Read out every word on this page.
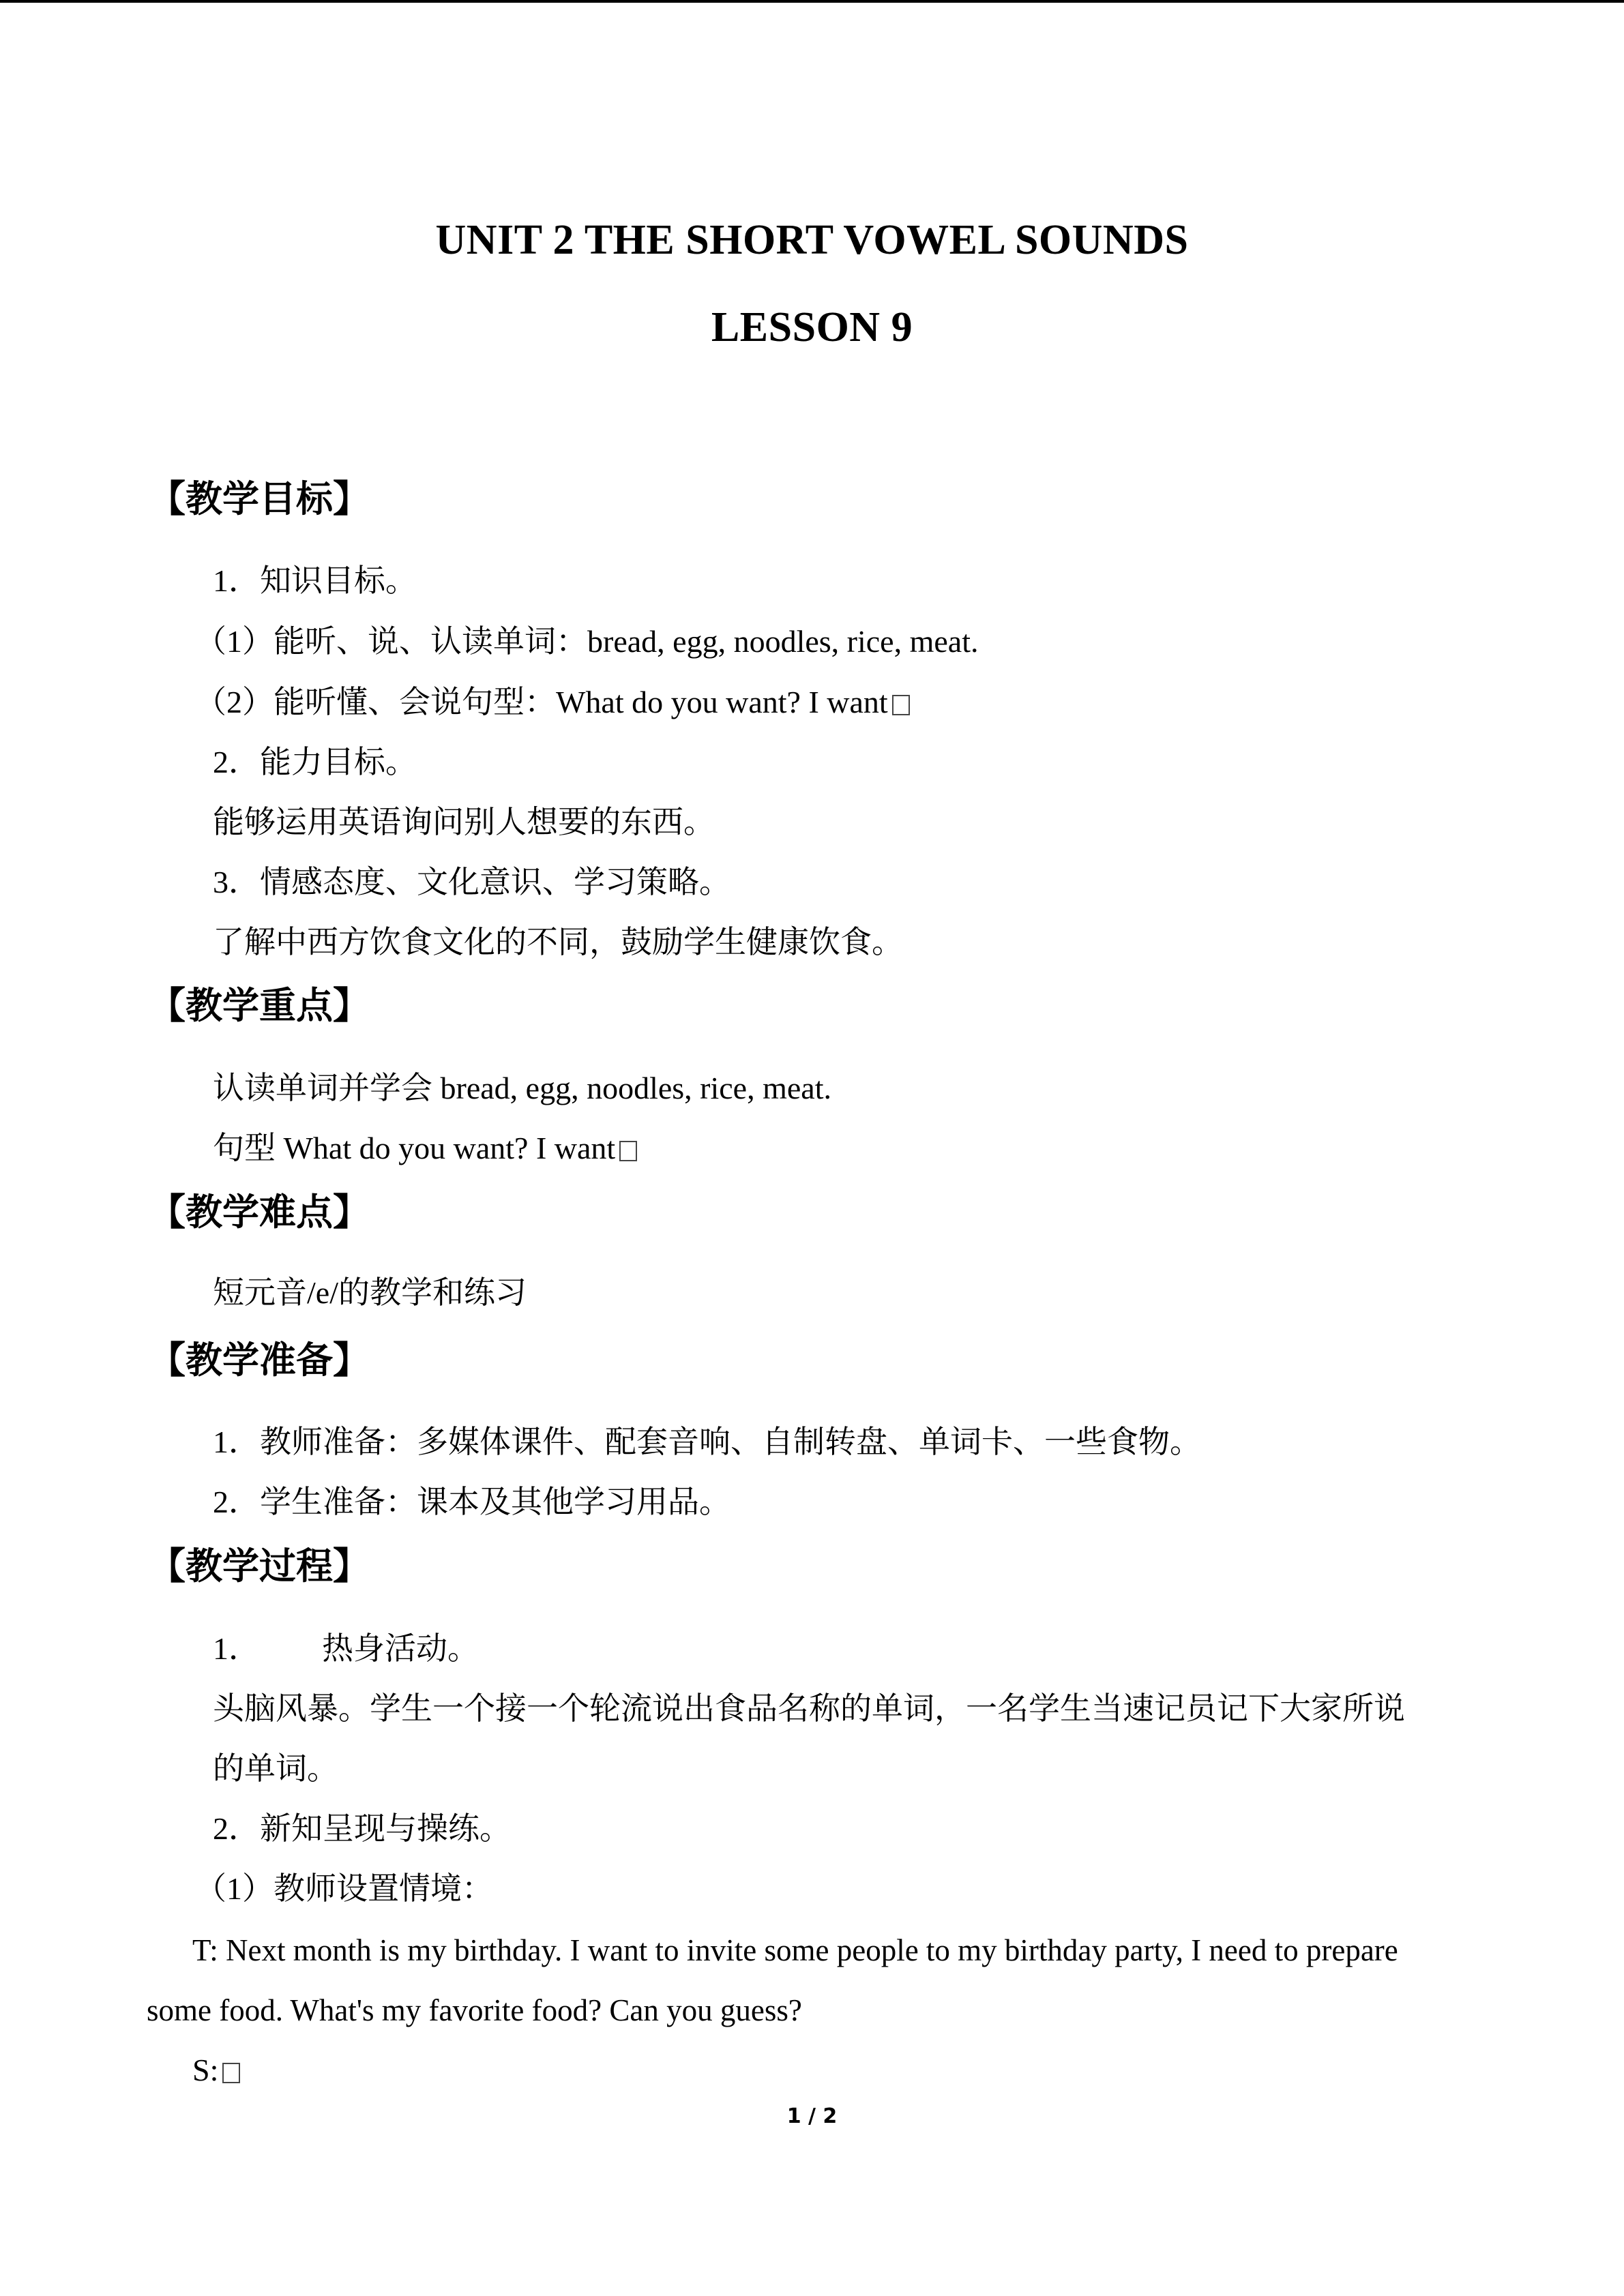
UNIT 2 THE SHORT VOWEL SOUNDS
LESSON 9
【教学目标】
1．知识目标。
（1）能听、说、认读单词：bread, egg, noodles, rice, meat.
（2）能听懂、会说句型：What do you want? I want
2．能力目标。
能够运用英语询问别人想要的东西。
3．情感态度、文化意识、学习策略。
了解中西方饮食文化的不同，鼓励学生健康饮食。
【教学重点】
认读单词并学会 bread, egg, noodles, rice, meat.
句型 What do you want? I want
【教学难点】
短元音/e/的教学和练习
【教学准备】
1．教师准备：多媒体课件、配套音响、自制转盘、单词卡、一些食物。
2．学生准备：课本及其他学习用品。
【教学过程】
1． 热身活动。
头脑风暴。学生一个接一个轮流说出食品名称的单词，一名学生当速记员记下大家所说
的单词。
2．新知呈现与操练。
（1）教师设置情境：
T: Next month is my birthday. I want to invite some people to my birthday party, I need to prepare
some food. What's my favorite food? Can you guess?
S:
1 / 2
